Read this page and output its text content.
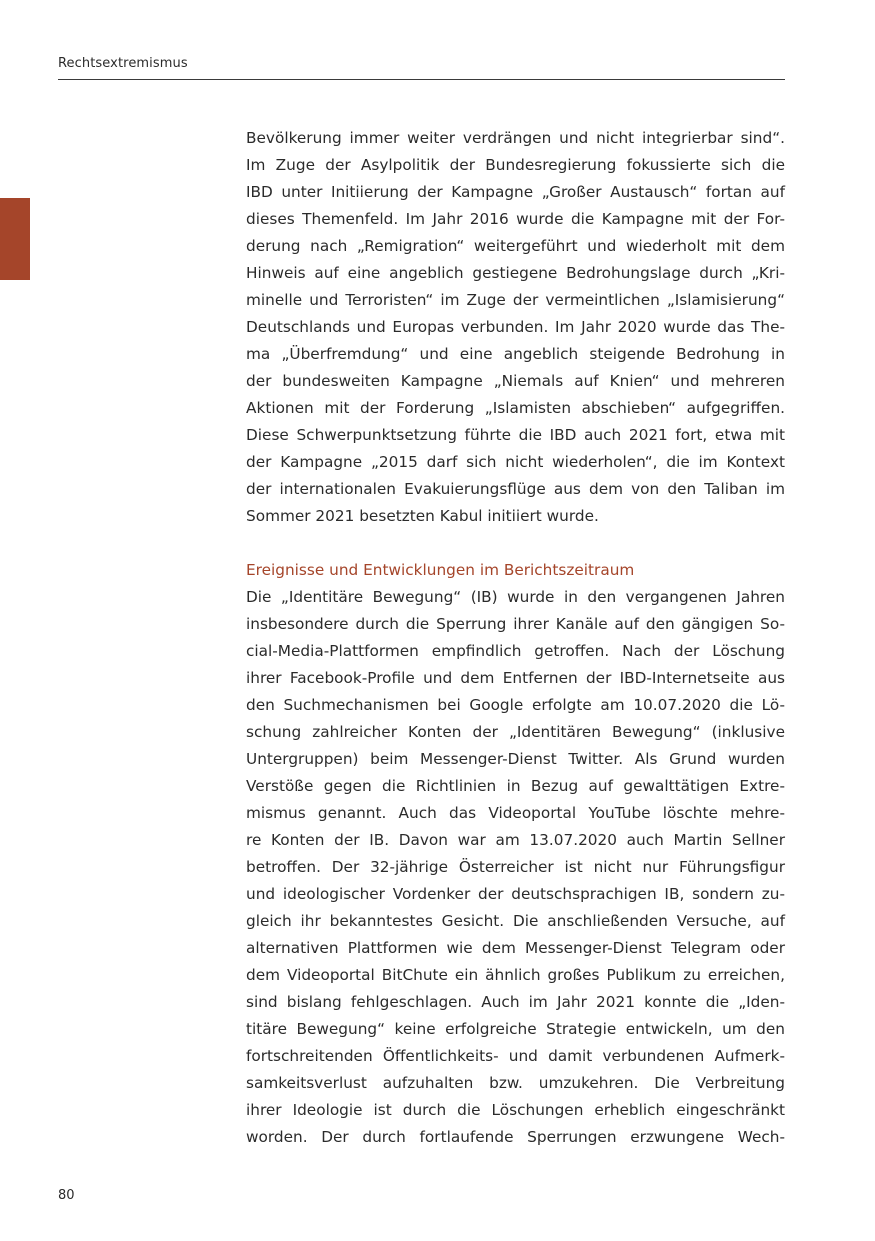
Rechtsextremismus

Bevölkerung immer weiter verdrängen und nicht integrierbar sind“.

Im Zuge der Asylpolitik der Bundesregierung fokussierte sich die

IBD unter Initiierung der Kampagne „Großer Austausch“ fortan auf

dieses Themenfeld. Im Jahr 2016 wurde die Kampagne mit der For-

derung nach „Remigration“ weitergeführt und wiederholt mit dem

Hinweis auf eine angeblich gestiegene Bedrohungslage durch „Kri-

minelle und Terroristen“ im Zuge der vermeintlichen „Islamisierung“

Deutschlands und Europas verbunden. Im Jahr 2020 wurde das The-

ma „Überfremdung“ und eine angeblich steigende Bedrohung in

der bundesweiten Kampagne „Niemals auf Knien“ und mehreren

Aktionen mit der Forderung „Islamisten abschieben“ aufgegriffen.

Diese Schwerpunktsetzung führte die IBD auch 2021 fort, etwa mit

der Kampagne „2015 darf sich nicht wiederholen“, die im Kontext

der internationalen Evakuierungsflüge aus dem von den Taliban im

Sommer 2021 besetzten Kabul initiiert wurde.

Ereignisse und Entwicklungen im Berichtszeitraum

Die „Identitäre Bewegung“ (IB) wurde in den vergangenen Jahren

insbesondere durch die Sperrung ihrer Kanäle auf den gängigen So-

cial-Media-Plattformen empfindlich getroffen. Nach der Löschung

ihrer Facebook-Profile und dem Entfernen der IBD-Internetseite aus

den Suchmechanismen bei Google erfolgte am 10.07.2020 die Lö-

schung zahlreicher Konten der „Identitären Bewegung“ (inklusive

Untergruppen) beim Messenger-Dienst Twitter. Als Grund wurden

Verstöße gegen die Richtlinien in Bezug auf gewalttätigen Extre-

mismus genannt. Auch das Videoportal YouTube löschte mehre-

re Konten der IB. Davon war am 13.07.2020 auch Martin Sellner

betroffen. Der 32-jährige Österreicher ist nicht nur Führungsfigur

und ideologischer Vordenker der deutschsprachigen IB, sondern zu-

gleich ihr bekanntestes Gesicht. Die anschließenden Versuche, auf

alternativen Plattformen wie dem Messenger-Dienst Telegram oder

dem Videoportal BitChute ein ähnlich großes Publikum zu erreichen,

sind bislang fehlgeschlagen. Auch im Jahr 2021 konnte die „Iden-

titäre Bewegung“ keine erfolgreiche Strategie entwickeln, um den

fortschreitenden Öffentlichkeits- und damit verbundenen Aufmerk-

samkeitsverlust aufzuhalten bzw. umzukehren. Die Verbreitung

ihrer Ideologie ist durch die Löschungen erheblich eingeschränkt

worden. Der durch fortlaufende Sperrungen erzwungene Wech-

80
